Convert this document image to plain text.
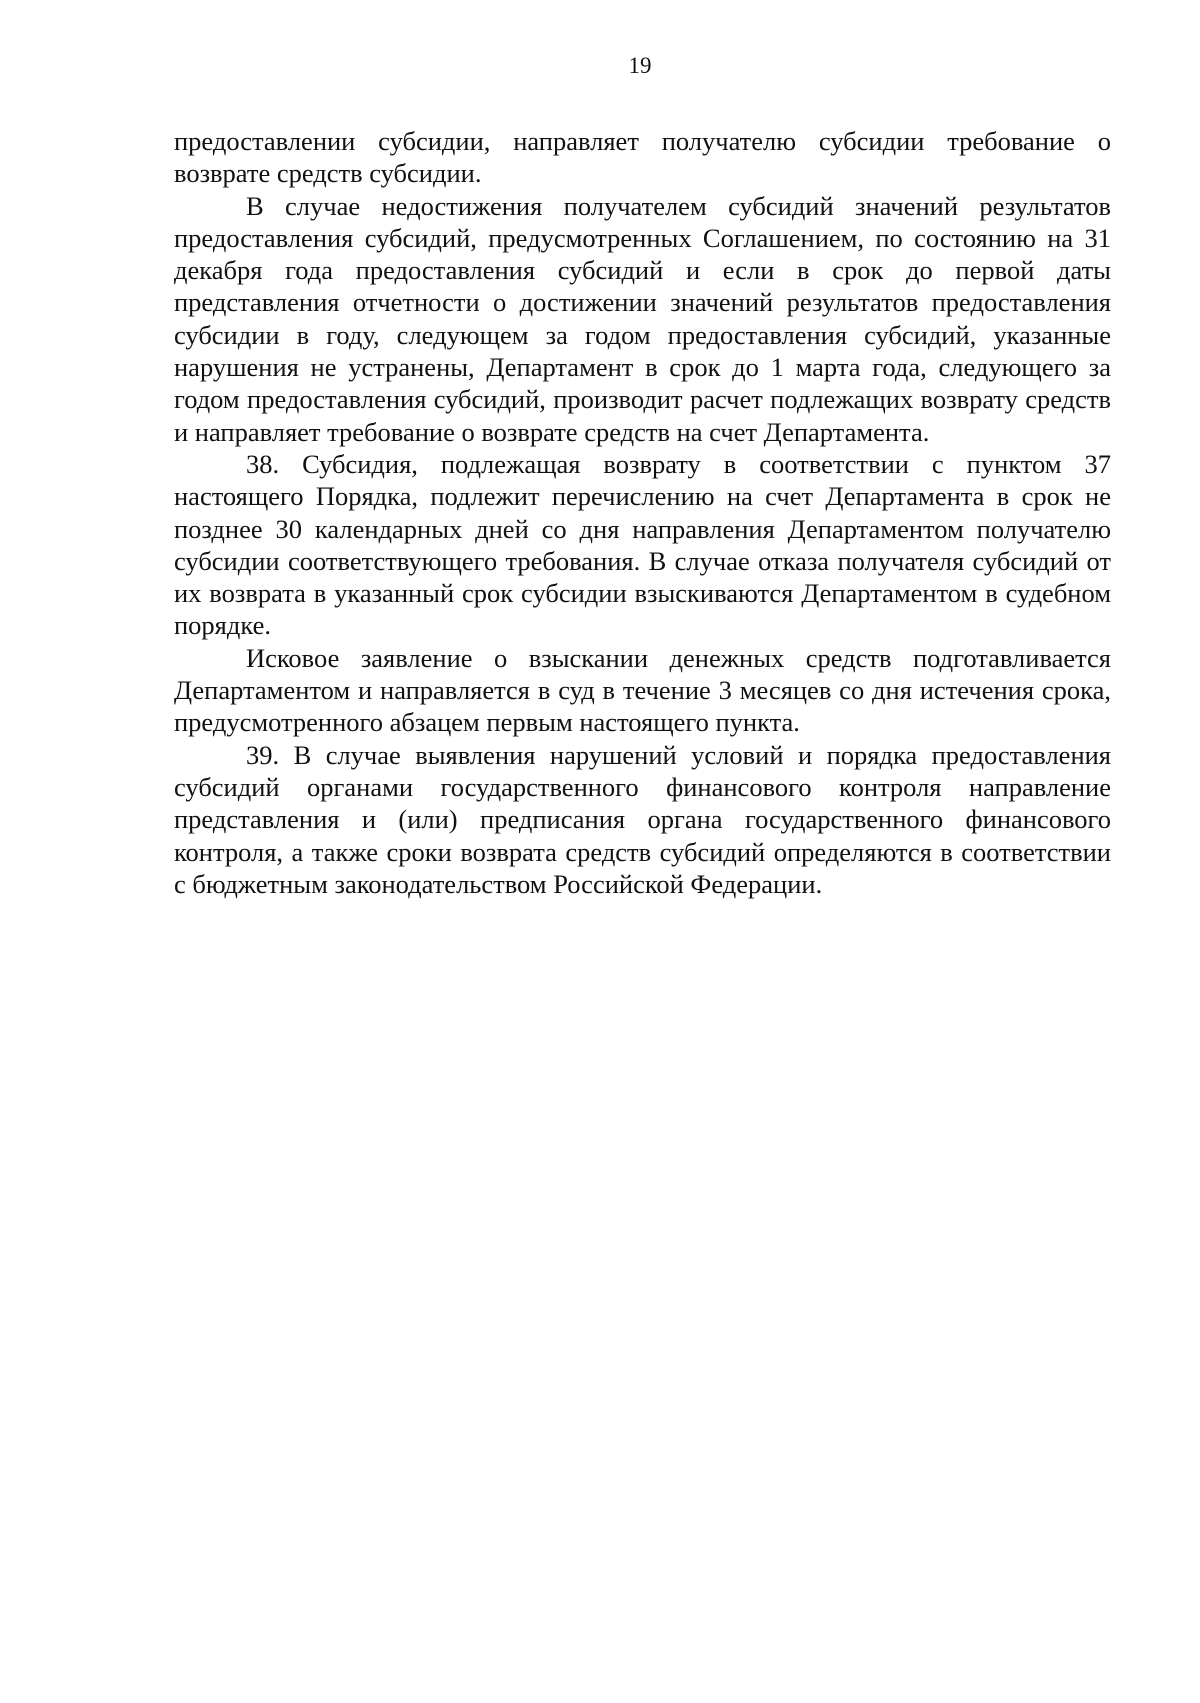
19

предоставлении субсидии, направляет получателю субсидии требование о возврате средств субсидии.

В случае недостижения получателем субсидий значений результатов предоставления субсидий, предусмотренных Соглашением, по состоянию на 31 декабря года предоставления субсидий и если в срок до первой даты представления отчетности о достижении значений результатов предоставления субсидии в году, следующем за годом предоставления субсидий, указанные нарушения не устранены, Департамент в срок до 1 марта года, следующего за годом предоставления субсидий, производит расчет подлежащих возврату средств и направляет требование о возврате средств на счет Департамента.

38. Субсидия, подлежащая возврату в соответствии с пунктом 37 настоящего Порядка, подлежит перечислению на счет Департамента в срок не позднее 30 календарных дней со дня направления Департаментом получателю субсидии соответствующего требования. В случае отказа получателя субсидий от их возврата в указанный срок субсидии взыскиваются Департаментом в судебном порядке.

Исковое заявление о взыскании денежных средств подготавливается Департаментом и направляется в суд в течение 3 месяцев со дня истечения срока, предусмотренного абзацем первым настоящего пункта.

39. В случае выявления нарушений условий и порядка предоставления субсидий органами государственного финансового контроля направление представления и (или) предписания органа государственного финансового контроля, а также сроки возврата средств субсидий определяются в соответствии с бюджетным законодательством Российской Федерации.
